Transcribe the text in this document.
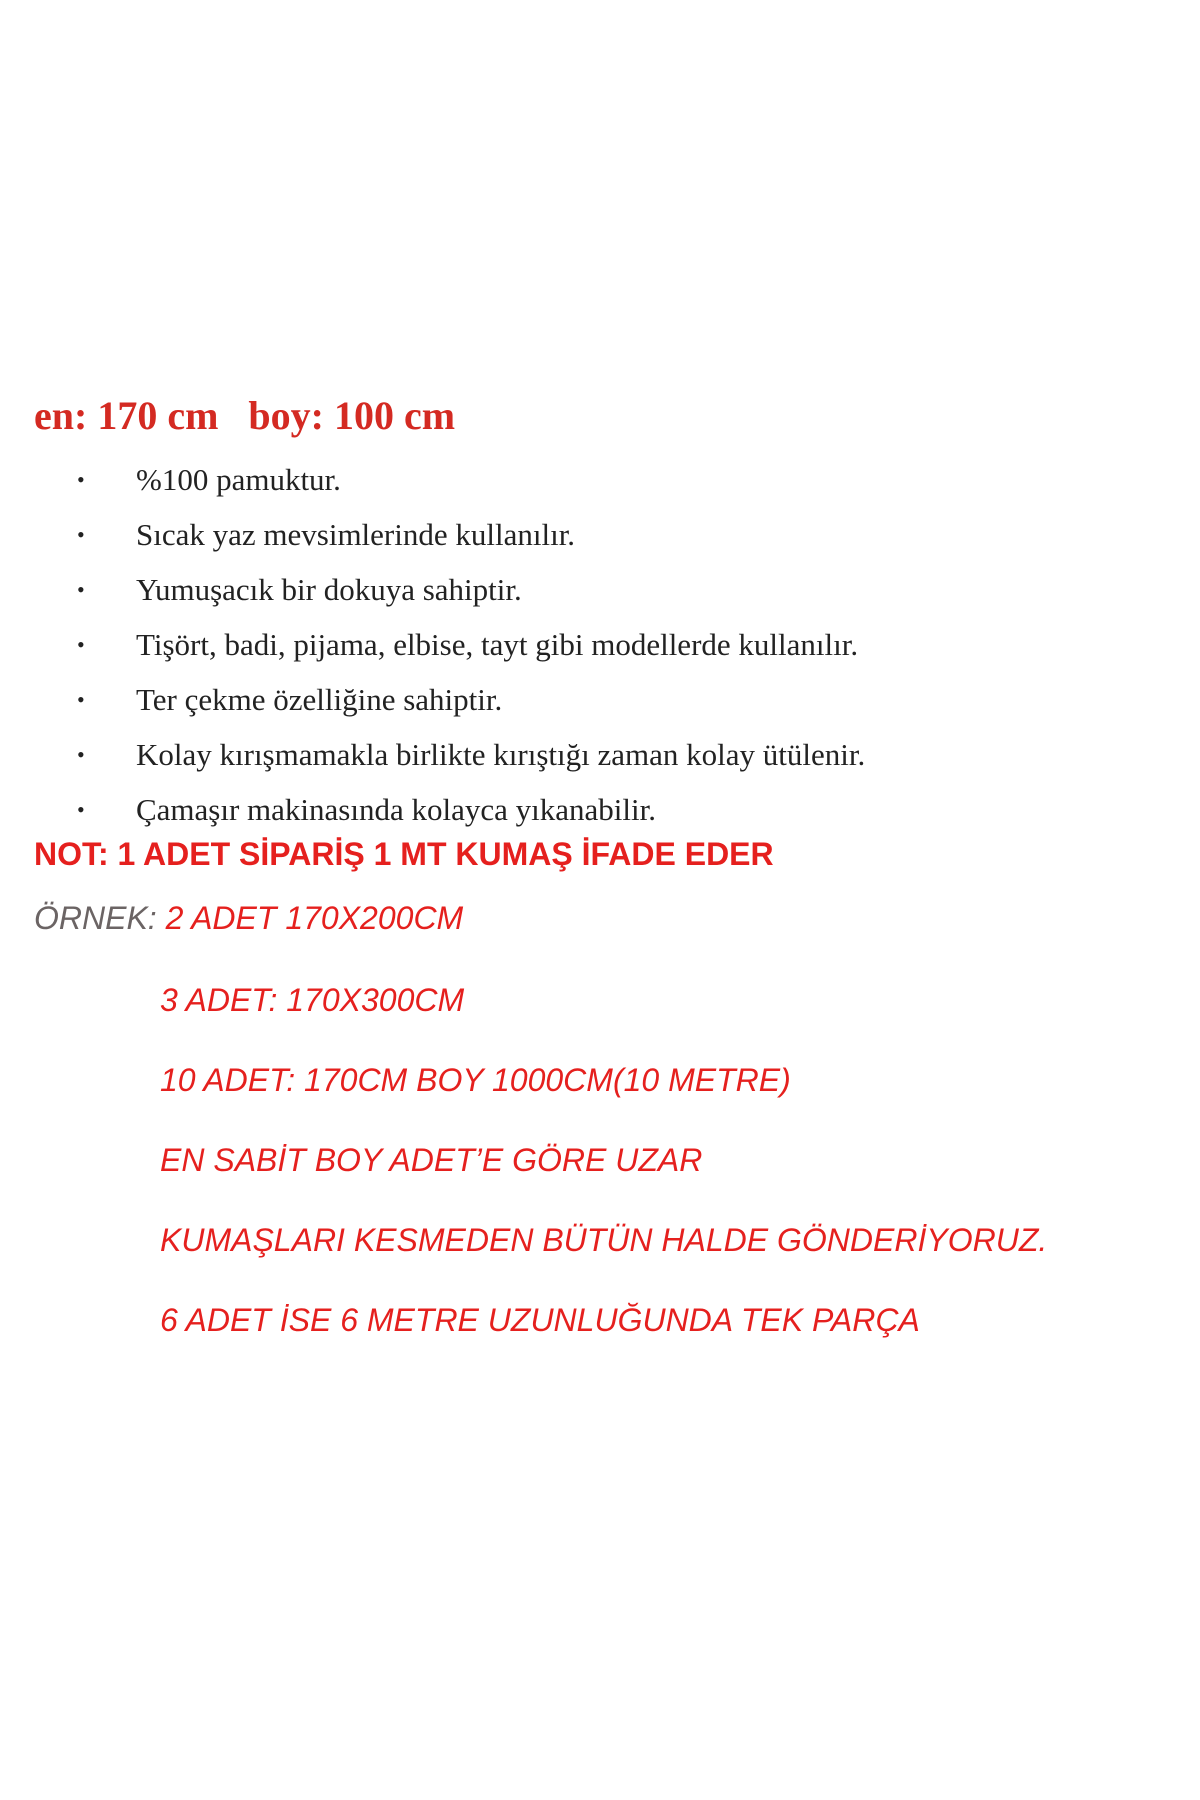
en: 170 cm   boy: 100 cm

• %100 pamuktur.
• Sıcak yaz mevsimlerinde kullanılır.
• Yumuşacık bir dokuya sahiptir.
• Tişört, badi, pijama, elbise, tayt gibi modellerde kullanılır.
• Ter çekme özelliğine sahiptir.
• Kolay kırışmamakla birlikte kırıştığı zaman kolay ütülenir.
• Çamaşır makinasında kolayca yıkanabilir.

NOT: 1 ADET SİPARİŞ 1 MT KUMAŞ İFADE EDER

ÖRNEK: 2 ADET 170X200CM

3 ADET: 170X300CM
10 ADET: 170CM BOY 1000CM(10 METRE)
EN SABİT BOY ADET’E GÖRE UZAR
KUMAŞLARI KESMEDEN BÜTÜN HALDE GÖNDERİYORUZ.
6 ADET İSE 6 METRE UZUNLUĞUNDA TEK PARÇA
